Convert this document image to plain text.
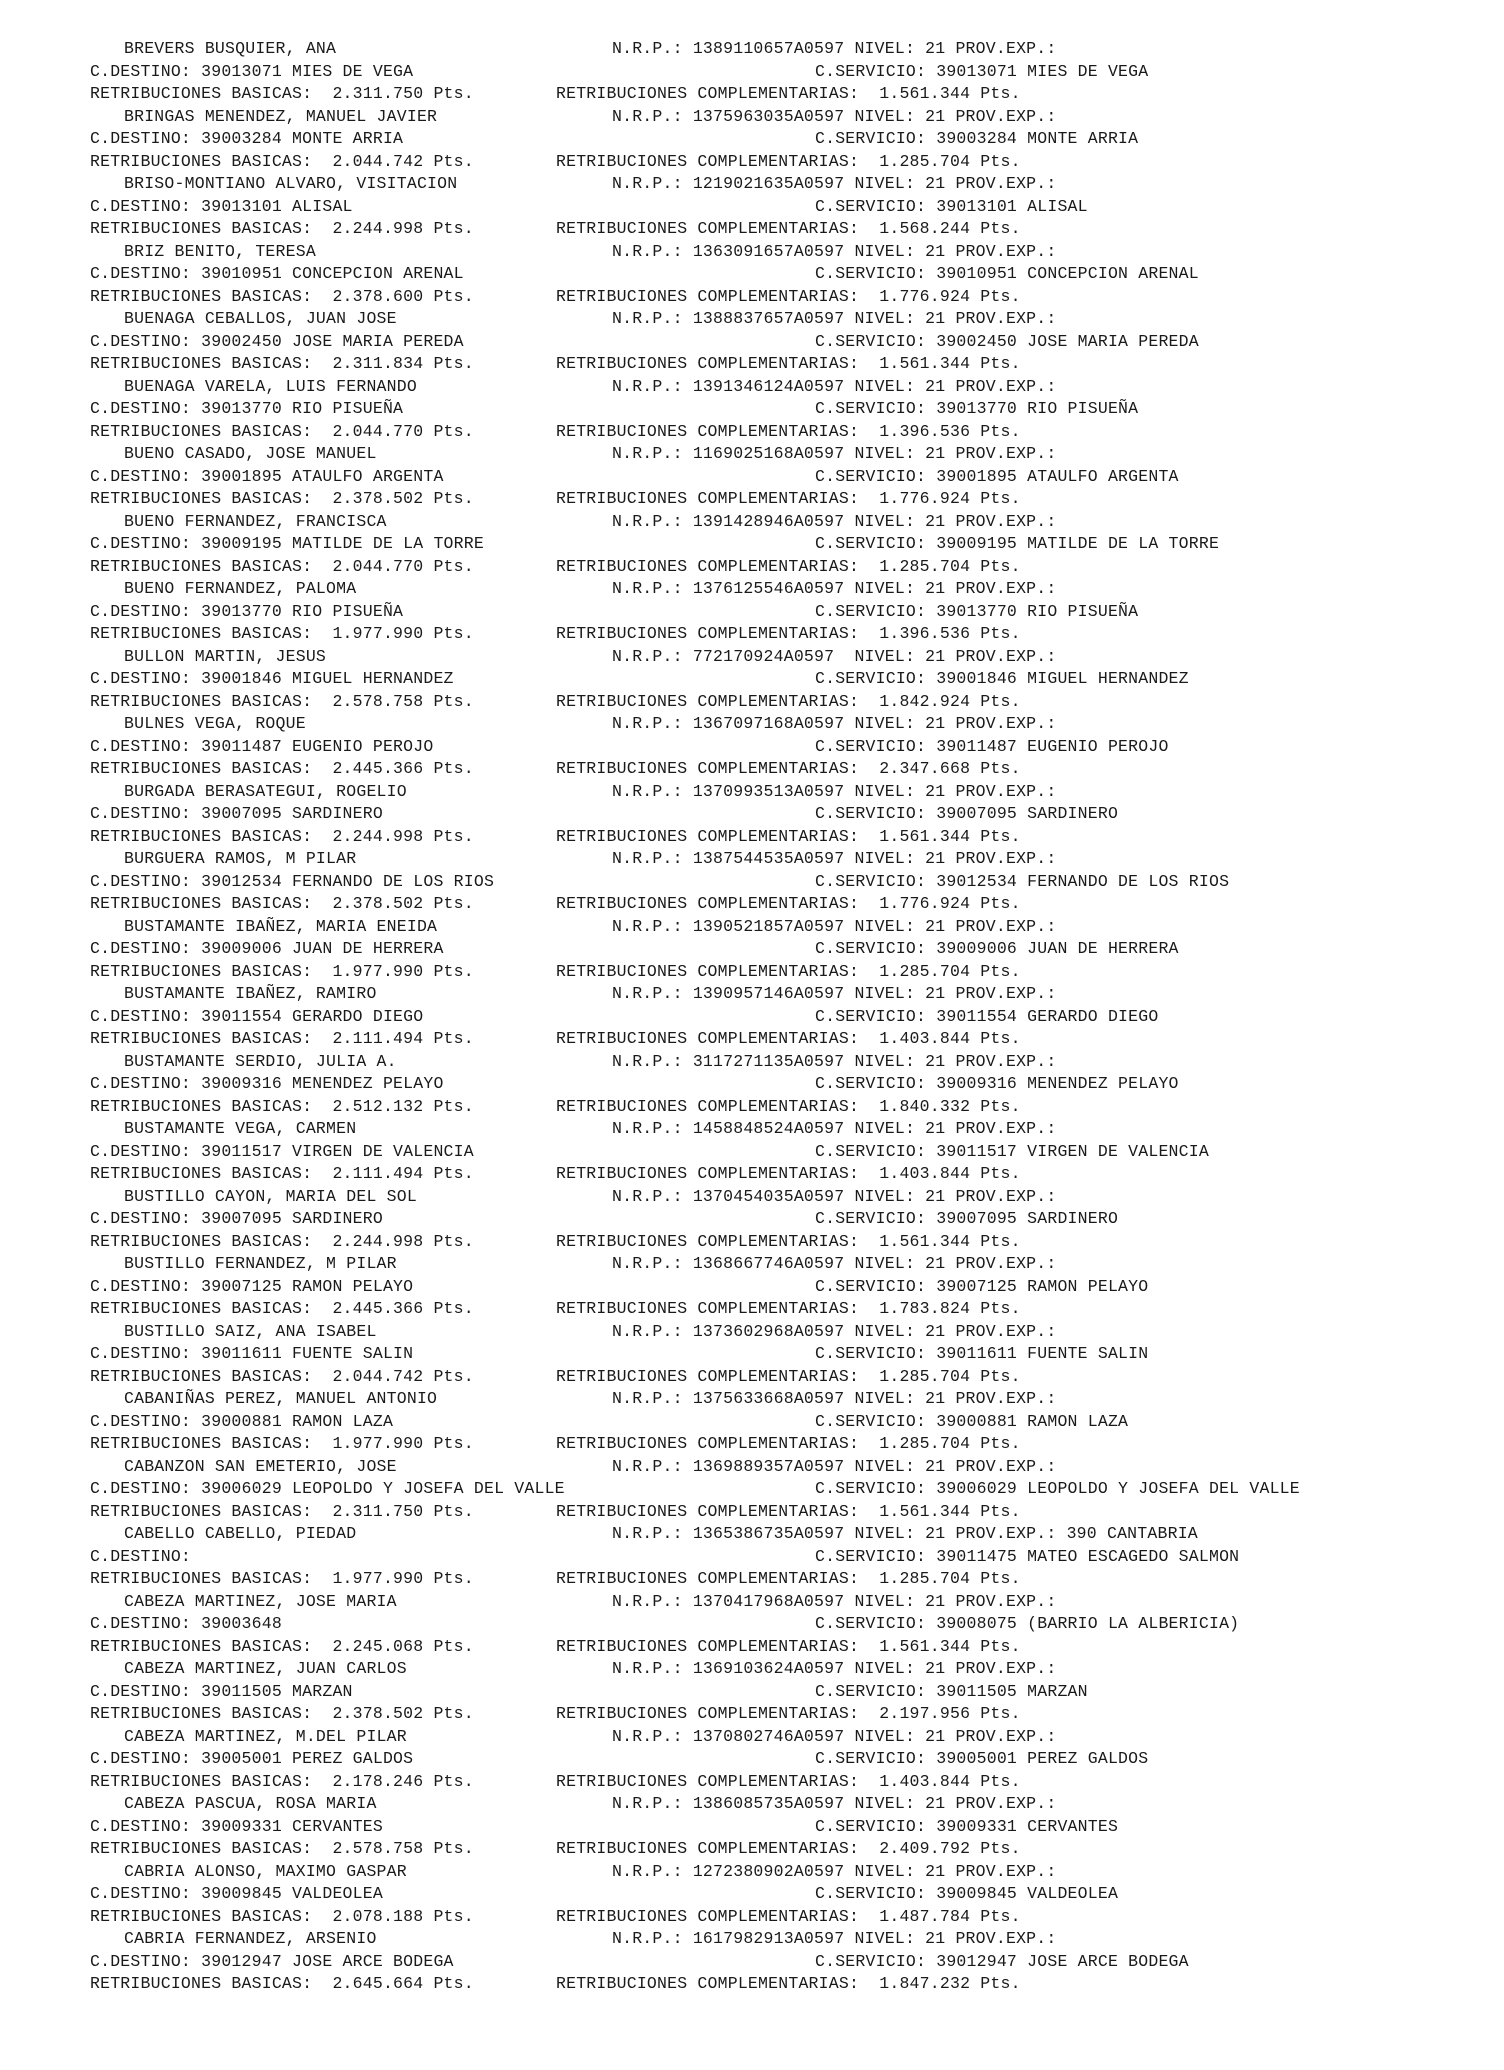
BREVERS BUSQUIER, ANA	N.R.P.: 1389110657A0597 NIVEL: 21 PROV.EXP.:
C.DESTINO: 39013071 MIES DE VEGA	C.SERVICIO: 39013071 MIES DE VEGA
RETRIBUCIONES BASICAS:  2.311.750 Pts.	RETRIBUCIONES COMPLEMENTARIAS:  1.561.344 Pts.
BRINGAS MENENDEZ, MANUEL JAVIER	N.R.P.: 1375963035A0597 NIVEL: 21 PROV.EXP.:
C.DESTINO: 39003284 MONTE ARRIA	C.SERVICIO: 39003284 MONTE ARRIA
RETRIBUCIONES BASICAS:  2.044.742 Pts.	RETRIBUCIONES COMPLEMENTARIAS:  1.285.704 Pts.
BRISO-MONTIANO ALVARO, VISITACION	N.R.P.: 1219021635A0597 NIVEL: 21 PROV.EXP.:
C.DESTINO: 39013101 ALISAL	C.SERVICIO: 39013101 ALISAL
RETRIBUCIONES BASICAS:  2.244.998 Pts.	RETRIBUCIONES COMPLEMENTARIAS:  1.568.244 Pts.
BRIZ BENITO, TERESA	N.R.P.: 1363091657A0597 NIVEL: 21 PROV.EXP.:
C.DESTINO: 39010951 CONCEPCION ARENAL	C.SERVICIO: 39010951 CONCEPCION ARENAL
RETRIBUCIONES BASICAS:  2.378.600 Pts.	RETRIBUCIONES COMPLEMENTARIAS:  1.776.924 Pts.
BUENAGA CEBALLOS, JUAN JOSE	N.R.P.: 1388837657A0597 NIVEL: 21 PROV.EXP.:
C.DESTINO: 39002450 JOSE MARIA PEREDA	C.SERVICIO: 39002450 JOSE MARIA PEREDA
RETRIBUCIONES BASICAS:  2.311.834 Pts.	RETRIBUCIONES COMPLEMENTARIAS:  1.561.344 Pts.
BUENAGA VARELA, LUIS FERNANDO	N.R.P.: 1391346124A0597 NIVEL: 21 PROV.EXP.:
C.DESTINO: 39013770 RIO PISUEÑA	C.SERVICIO: 39013770 RIO PISUEÑA
RETRIBUCIONES BASICAS:  2.044.770 Pts.	RETRIBUCIONES COMPLEMENTARIAS:  1.396.536 Pts.
BUENO CASADO, JOSE MANUEL	N.R.P.: 1169025168A0597 NIVEL: 21 PROV.EXP.:
C.DESTINO: 39001895 ATAULFO ARGENTA	C.SERVICIO: 39001895 ATAULFO ARGENTA
RETRIBUCIONES BASICAS:  2.378.502 Pts.	RETRIBUCIONES COMPLEMENTARIAS:  1.776.924 Pts.
BUENO FERNANDEZ, FRANCISCA	N.R.P.: 1391428946A0597 NIVEL: 21 PROV.EXP.:
C.DESTINO: 39009195 MATILDE DE LA TORRE	C.SERVICIO: 39009195 MATILDE DE LA TORRE
RETRIBUCIONES BASICAS:  2.044.770 Pts.	RETRIBUCIONES COMPLEMENTARIAS:  1.285.704 Pts.
BUENO FERNANDEZ, PALOMA	N.R.P.: 1376125546A0597 NIVEL: 21 PROV.EXP.:
C.DESTINO: 39013770 RIO PISUEÑA	C.SERVICIO: 39013770 RIO PISUEÑA
RETRIBUCIONES BASICAS:  1.977.990 Pts.	RETRIBUCIONES COMPLEMENTARIAS:  1.396.536 Pts.
BULLON MARTIN, JESUS	N.R.P.: 772170924A0597  NIVEL: 21 PROV.EXP.:
C.DESTINO: 39001846 MIGUEL HERNANDEZ	C.SERVICIO: 39001846 MIGUEL HERNANDEZ
RETRIBUCIONES BASICAS:  2.578.758 Pts.	RETRIBUCIONES COMPLEMENTARIAS:  1.842.924 Pts.
BULNES VEGA, ROQUE	N.R.P.: 1367097168A0597 NIVEL: 21 PROV.EXP.:
C.DESTINO: 39011487 EUGENIO PEROJO	C.SERVICIO: 39011487 EUGENIO PEROJO
RETRIBUCIONES BASICAS:  2.445.366 Pts.	RETRIBUCIONES COMPLEMENTARIAS:  2.347.668 Pts.
BURGADA BERASATEGUI, ROGELIO	N.R.P.: 1370993513A0597 NIVEL: 21 PROV.EXP.:
C.DESTINO: 39007095 SARDINERO	C.SERVICIO: 39007095 SARDINERO
RETRIBUCIONES BASICAS:  2.244.998 Pts.	RETRIBUCIONES COMPLEMENTARIAS:  1.561.344 Pts.
BURGUERA RAMOS, M PILAR	N.R.P.: 1387544535A0597 NIVEL: 21 PROV.EXP.:
C.DESTINO: 39012534 FERNANDO DE LOS RIOS	C.SERVICIO: 39012534 FERNANDO DE LOS RIOS
RETRIBUCIONES BASICAS:  2.378.502 Pts.	RETRIBUCIONES COMPLEMENTARIAS:  1.776.924 Pts.
BUSTAMANTE IBAÑEZ, MARIA ENEIDA	N.R.P.: 1390521857A0597 NIVEL: 21 PROV.EXP.:
C.DESTINO: 39009006 JUAN DE HERRERA	C.SERVICIO: 39009006 JUAN DE HERRERA
RETRIBUCIONES BASICAS:  1.977.990 Pts.	RETRIBUCIONES COMPLEMENTARIAS:  1.285.704 Pts.
BUSTAMANTE IBAÑEZ, RAMIRO	N.R.P.: 1390957146A0597 NIVEL: 21 PROV.EXP.:
C.DESTINO: 39011554 GERARDO DIEGO	C.SERVICIO: 39011554 GERARDO DIEGO
RETRIBUCIONES BASICAS:  2.111.494 Pts.	RETRIBUCIONES COMPLEMENTARIAS:  1.403.844 Pts.
BUSTAMANTE SERDIO, JULIA A.	N.R.P.: 3117271135A0597 NIVEL: 21 PROV.EXP.:
C.DESTINO: 39009316 MENENDEZ PELAYO	C.SERVICIO: 39009316 MENENDEZ PELAYO
RETRIBUCIONES BASICAS:  2.512.132 Pts.	RETRIBUCIONES COMPLEMENTARIAS:  1.840.332 Pts.
BUSTAMANTE VEGA, CARMEN	N.R.P.: 1458848524A0597 NIVEL: 21 PROV.EXP.:
C.DESTINO: 39011517 VIRGEN DE VALENCIA	C.SERVICIO: 39011517 VIRGEN DE VALENCIA
RETRIBUCIONES BASICAS:  2.111.494 Pts.	RETRIBUCIONES COMPLEMENTARIAS:  1.403.844 Pts.
BUSTILLO CAYON, MARIA DEL SOL	N.R.P.: 1370454035A0597 NIVEL: 21 PROV.EXP.:
C.DESTINO: 39007095 SARDINERO	C.SERVICIO: 39007095 SARDINERO
RETRIBUCIONES BASICAS:  2.244.998 Pts.	RETRIBUCIONES COMPLEMENTARIAS:  1.561.344 Pts.
BUSTILLO FERNANDEZ, M PILAR	N.R.P.: 1368667746A0597 NIVEL: 21 PROV.EXP.:
C.DESTINO: 39007125 RAMON PELAYO	C.SERVICIO: 39007125 RAMON PELAYO
RETRIBUCIONES BASICAS:  2.445.366 Pts.	RETRIBUCIONES COMPLEMENTARIAS:  1.783.824 Pts.
BUSTILLO SAIZ, ANA ISABEL	N.R.P.: 1373602968A0597 NIVEL: 21 PROV.EXP.:
C.DESTINO: 39011611 FUENTE SALIN	C.SERVICIO: 39011611 FUENTE SALIN
RETRIBUCIONES BASICAS:  2.044.742 Pts.	RETRIBUCIONES COMPLEMENTARIAS:  1.285.704 Pts.
CABANIÑAS PEREZ, MANUEL ANTONIO	N.R.P.: 1375633668A0597 NIVEL: 21 PROV.EXP.:
C.DESTINO: 39000881 RAMON LAZA	C.SERVICIO: 39000881 RAMON LAZA
RETRIBUCIONES BASICAS:  1.977.990 Pts.	RETRIBUCIONES COMPLEMENTARIAS:  1.285.704 Pts.
CABANZON SAN EMETERIO, JOSE	N.R.P.: 1369889357A0597 NIVEL: 21 PROV.EXP.:
C.DESTINO: 39006029 LEOPOLDO Y JOSEFA DEL VALLE	C.SERVICIO: 39006029 LEOPOLDO Y JOSEFA DEL VALLE
RETRIBUCIONES BASICAS:  2.311.750 Pts.	RETRIBUCIONES COMPLEMENTARIAS:  1.561.344 Pts.
CABELLO CABELLO, PIEDAD	N.R.P.: 1365386735A0597 NIVEL: 21 PROV.EXP.: 390 CANTABRIA
C.DESTINO:	C.SERVICIO: 39011475 MATEO ESCAGEDO SALMON
RETRIBUCIONES BASICAS:  1.977.990 Pts.	RETRIBUCIONES COMPLEMENTARIAS:  1.285.704 Pts.
CABEZA MARTINEZ, JOSE MARIA	N.R.P.: 1370417968A0597 NIVEL: 21 PROV.EXP.:
C.DESTINO: 39003648	C.SERVICIO: 39008075 (BARRIO LA ALBERICIA)
RETRIBUCIONES BASICAS:  2.245.068 Pts.	RETRIBUCIONES COMPLEMENTARIAS:  1.561.344 Pts.
CABEZA MARTINEZ, JUAN CARLOS	N.R.P.: 1369103624A0597 NIVEL: 21 PROV.EXP.:
C.DESTINO: 39011505 MARZAN	C.SERVICIO: 39011505 MARZAN
RETRIBUCIONES BASICAS:  2.378.502 Pts.	RETRIBUCIONES COMPLEMENTARIAS:  2.197.956 Pts.
CABEZA MARTINEZ, M.DEL PILAR	N.R.P.: 1370802746A0597 NIVEL: 21 PROV.EXP.:
C.DESTINO: 39005001 PEREZ GALDOS	C.SERVICIO: 39005001 PEREZ GALDOS
RETRIBUCIONES BASICAS:  2.178.246 Pts.	RETRIBUCIONES COMPLEMENTARIAS:  1.403.844 Pts.
CABEZA PASCUA, ROSA MARIA	N.R.P.: 1386085735A0597 NIVEL: 21 PROV.EXP.:
C.DESTINO: 39009331 CERVANTES	C.SERVICIO: 39009331 CERVANTES
RETRIBUCIONES BASICAS:  2.578.758 Pts.	RETRIBUCIONES COMPLEMENTARIAS:  2.409.792 Pts.
CABRIA ALONSO, MAXIMO GASPAR	N.R.P.: 1272380902A0597 NIVEL: 21 PROV.EXP.:
C.DESTINO: 39009845 VALDEOLEA	C.SERVICIO: 39009845 VALDEOLEA
RETRIBUCIONES BASICAS:  2.078.188 Pts.	RETRIBUCIONES COMPLEMENTARIAS:  1.487.784 Pts.
CABRIA FERNANDEZ, ARSENIO	N.R.P.: 1617982913A0597 NIVEL: 21 PROV.EXP.:
C.DESTINO: 39012947 JOSE ARCE BODEGA	C.SERVICIO: 39012947 JOSE ARCE BODEGA
RETRIBUCIONES BASICAS:  2.645.664 Pts.	RETRIBUCIONES COMPLEMENTARIAS:  1.847.232 Pts.
